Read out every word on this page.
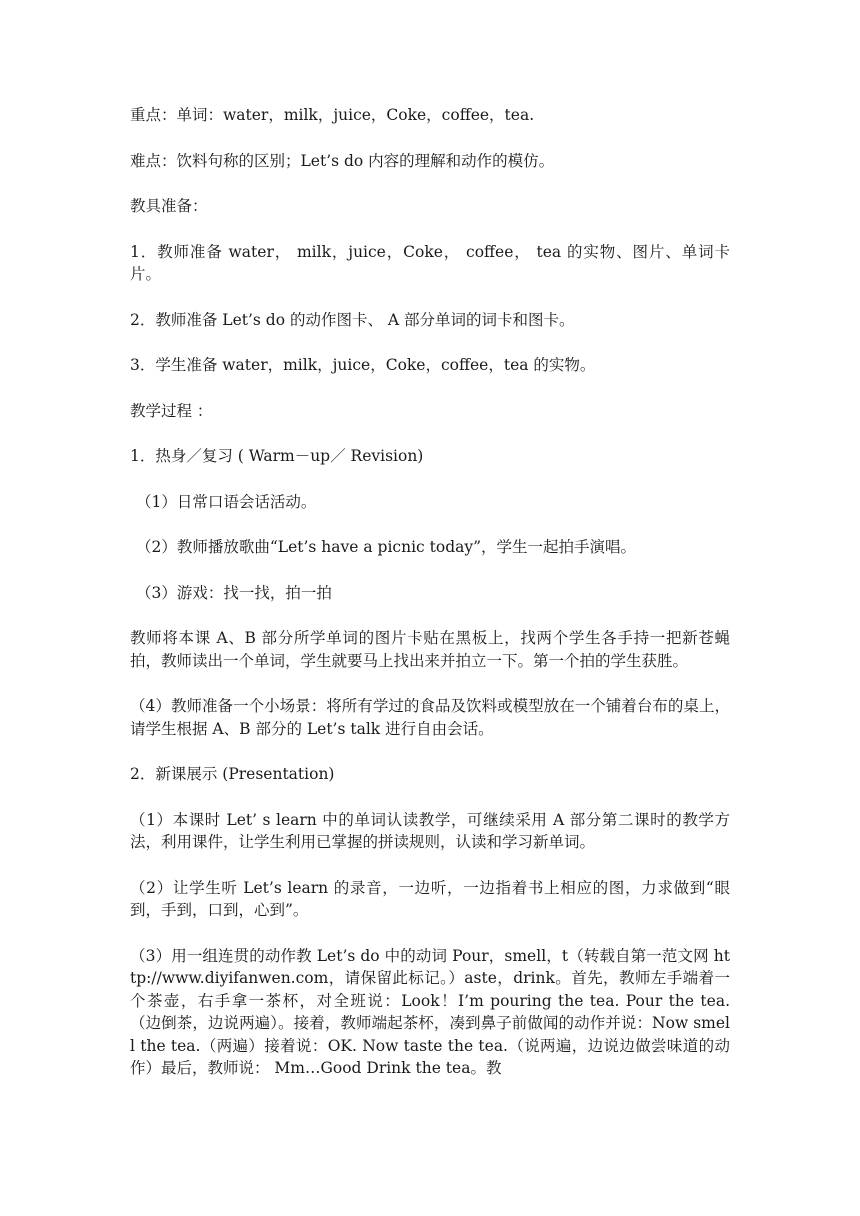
重点：单词：water，milk，juice，Coke，coffee，tea.

难点：饮料句称的区别；Let’s do 内容的理解和动作的模仿。

教具准备：

1．教师准备 water， milk，juice，Coke， coffee， tea 的实物、图片、单词卡片。

2．教师准备 Let’s do 的动作图卡、 A 部分单词的词卡和图卡。

3．学生准备 water，milk，juice，Coke，coffee，tea 的实物。

教学过程 ：

1．热身／复习 ( Warm－up／ Revision)

（1）日常口语会话活动。

（2）教师播放歌曲“Let’s have a picnic today”，学生一起拍手演唱。

（3）游戏：找一找，拍一拍

教师将本课 A、B 部分所学单词的图片卡贴在黑板上，找两个学生各手持一把新苍蝇拍，教师读出一个单词，学生就要马上找出来并拍立一下。第一个拍的学生获胜。

（4）教师准备一个小场景：将所有学过的食品及饮料或模型放在一个铺着台布的桌上，请学生根据 A、B 部分的 Let’s talk 进行自由会话。

2．新课展示 (Presentation)

（1）本课时 Let’ s learn 中的单词认读教学，可继续采用 A 部分第二课时的教学方法，利用课件，让学生利用已掌握的拼读规则，认读和学习新单词。

（2）让学生听 Let’s learn 的录音，一边听，一边指着书上相应的图，力求做到“眼到，手到，口到，心到”。

（3）用一组连贯的动作教 Let’s do 中的动词 Pour，smell，t（转载自第一范文网 http://www.diyifanwen.com，请保留此标记。）aste，drink。首先，教师左手端着一个茶壶，右手拿一茶杯，对全班说：Look！I’m pouring the tea. Pour the tea. （边倒茶，边说两遍）。接着，教师端起茶杯，凑到鼻子前做闻的动作并说：Now smell the tea.（两遍）接着说：OK. Now taste the tea.（说两遍，边说边做尝味道的动作）最后，教师说： Mm…Good Drink the tea。教
